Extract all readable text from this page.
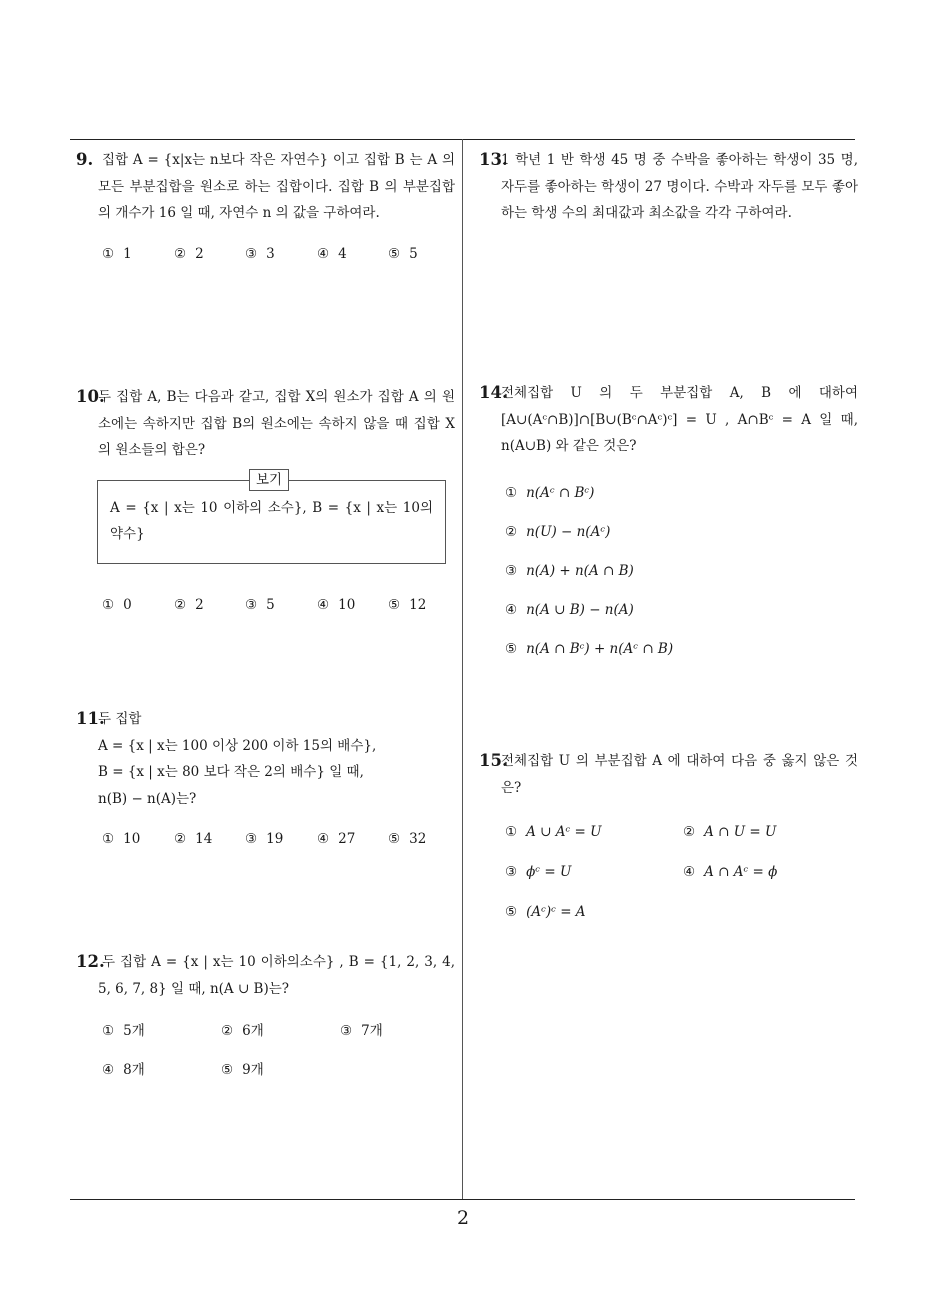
9. 집합 A = {x|x는 n보다 작은 자연수} 이고 집합 B 는 A 의 모든 부분집합을 원소로 하는 집합이다. 집합 B 의 부분집합의 개수가 16 일 때, 자연수 n 의 값을 구하여라.
① 1	② 2	③ 3	④ 4	⑤ 5
10.
두 집합 A, B는 다음과 같고, 집합 X의 원소가 집합 A 의 원소에는 속하지만 집합 B의 원소에는 속하지 않을 때 집합 X의 원소들의 합은?
A = {x | x는 10 이하의 소수}, B = {x | x는 10의 약수}
보기
① 0	② 2	③ 5	④ 10 ⑤ 12
11.
두 집합
A = {x | x는 100 이상 200 이하 15의 배수},
B = {x | x는 80 보다 작은 2의 배수} 일 때,
n(B) − n(A)는?
① 10 ② 14 ③ 19 ④ 27 ⑤ 32
12.
두 집합 A = {x | x는 10 이하의소수} , B = {1, 2, 3, 4, 5, 6, 7, 8} 일 때, n(A ∪ B)는?
① 5개	② 6개	③ 7개
④ 8개	⑤ 9개
13.
1 학년 1 반 학생 45 명 중 수박을 좋아하는 학생이 35 명, 자두를 좋아하는 학생이 27 명이다. 수박과 자두를 모두 좋아하는 학생 수의 최대값과 최소값을 각각 구하여라.
14.
전체집합 U 의 두 부분집합 A, B 에 대하여 [A∪(Aᶜ∩B)]∩[B∪(Bᶜ∩Aᶜ)ᶜ] = U , A∩Bᶜ = A 일 때, n(A∪B) 와 같은 것은?
① n(Aᶜ ∩ Bᶜ)
② n(U) − n(Aᶜ)
③ n(A) + n(A ∩ B)
④ n(A ∪ B) − n(A)
⑤ n(A ∩ Bᶜ) + n(Aᶜ ∩ B)
15.
전체집합 U 의 부분집합 A 에 대하여 다음 중 옳지 않은 것은?
① A ∪ Aᶜ = U	② A ∩ U = U
③ ϕᶜ = U	④ A ∩ Aᶜ = ϕ
⑤ (Aᶜ)ᶜ = A
2
